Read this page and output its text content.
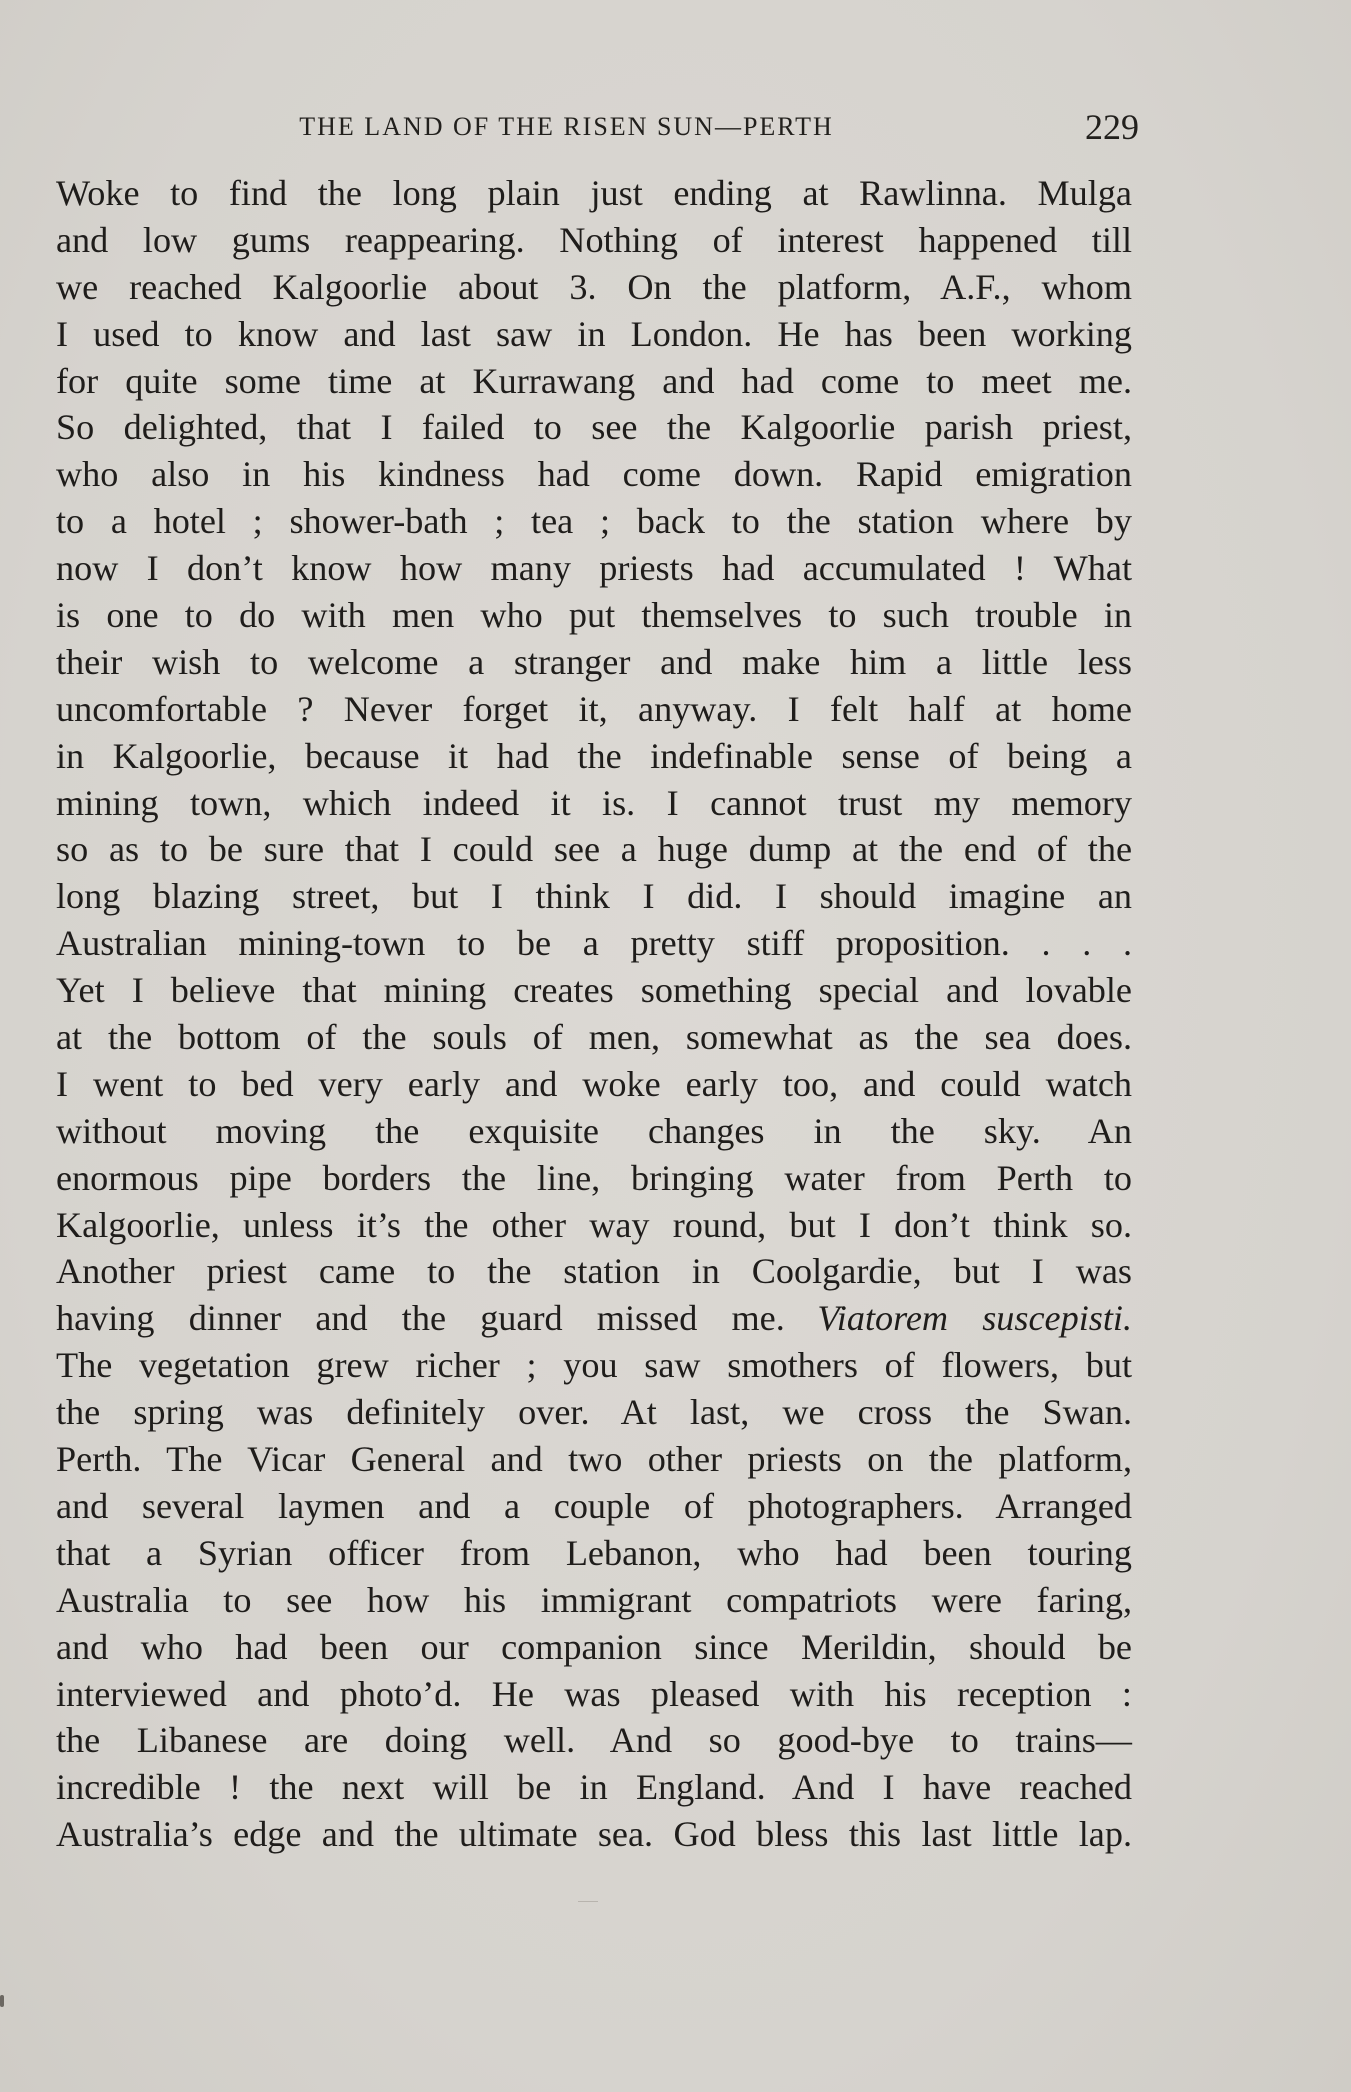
THE LAND OF THE RISEN SUN—PERTH	229
Woke to find the long plain just ending at Rawlinna. Mulga
and low gums reappearing. Nothing of interest happened till
we reached Kalgoorlie about 3. On the platform, A.F., whom
I used to know and last saw in London. He has been working
for quite some time at Kurrawang and had come to meet me.
So delighted, that I failed to see the Kalgoorlie parish priest,
who also in his kindness had come down. Rapid emigration
to a hotel ; shower-bath ; tea ; back to the station where by
now I don’t know how many priests had accumulated ! What
is one to do with men who put themselves to such trouble in
their wish to welcome a stranger and make him a little less
uncomfortable ? Never forget it, anyway. I felt half at home
in Kalgoorlie, because it had the indefinable sense of being a
mining town, which indeed it is. I cannot trust my memory
so as to be sure that I could see a huge dump at the end of the
long blazing street, but I think I did. I should imagine an
Australian mining-town to be a pretty stiff proposition. . . .
Yet I believe that mining creates something special and lovable
at the bottom of the souls of men, somewhat as the sea does.
I went to bed very early and woke early too, and could watch
without moving the exquisite changes in the sky. An
enormous pipe borders the line, bringing water from Perth to
Kalgoorlie, unless it’s the other way round, but I don’t think so.
Another priest came to the station in Coolgardie, but I was
having dinner and the guard missed me. Viatorem suscepisti.
The vegetation grew richer ; you saw smothers of flowers, but
the spring was definitely over. At last, we cross the Swan.
Perth. The Vicar General and two other priests on the platform,
and several laymen and a couple of photographers. Arranged
that a Syrian officer from Lebanon, who had been touring
Australia to see how his immigrant compatriots were faring,
and who had been our companion since Merildin, should be
interviewed and photo’d. He was pleased with his reception :
the Libanese are doing well. And so good-bye to trains—
incredible ! the next will be in England. And I have reached
Australia’s edge and the ultimate sea. God bless this last little lap.
